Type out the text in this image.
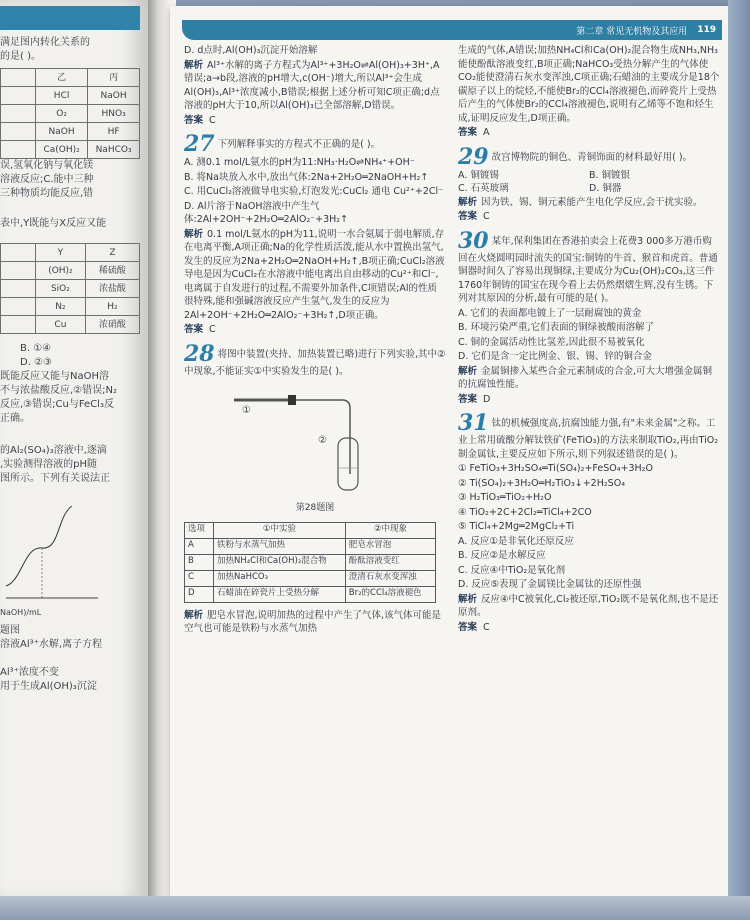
满足图内转化关系的
的是( )。
	乙	丙
	HCl	NaOH
	O₂	HNO₃
	NaOH	HF
	Ca(OH)₂	NaHCO₃
误,氢氧化钠与氧化镁
溶液反应;C.能中三种
三种物质均能反应,错
表中,Y既能与X反应又能
	Y	Z
	(OH)₂	稀硫酸
	SiO₂	浓盐酸
	N₂	H₂
	Cu	浓硝酸
B. ①④
D. ②③
既能反应又能与NaOH溶
不与浓盐酸反应,②错误;N₂
反应,③错误;Cu与FeCl₃反
正确。
的Al₂(SO₄)₃溶液中,逐滴
,实验测得溶液的pH随
图所示。下列有关说法正
NaOH)/mL
题图
溶液Al³⁺水解,离子方程
Al³⁺浓度不变
用于生成Al(OH)₃沉淀
第二章 常见无机物及其应用 119

D. d点时,Al(OH)₃沉淀开始溶解

解析 Al³⁺水解的离子方程式为Al³⁺+3H₂O⇌Al(OH)₃+3H⁺,A错误;a→b段,溶液的pH增大,c(OH⁻)增大,所以Al³⁺会生成Al(OH)₃,Al³⁺浓度减小,B错误;根据上述分析可知C项正确;d点溶液的pH大于10,所以Al(OH)₃已全部溶解,D错误。

答案 C

27 下列解释事实的方程式不正确的是( )。

A. 测0.1 mol/L氨水的pH为11:NH₃·H₂O⇌NH₄⁺+OH⁻

B. 将Na块放入水中,放出气体:2Na+2H₂O═2NaOH+H₂↑

C. 用CuCl₂溶液做导电实验,灯泡发光:CuCl₂ 通电 Cu²⁺+2Cl⁻

D. Al片溶于NaOH溶液中产生气体:2Al+2OH⁻+2H₂O═2AlO₂⁻+3H₂↑

解析 0.1 mol/L氨水的pH为11,说明一水合氨属于弱电解质,存在电离平衡,A项正确;Na的化学性质活泼,能从水中置换出氢气,发生的反应为2Na+2H₂O═2NaOH+H₂↑,B项正确;CuCl₂溶液导电是因为CuCl₂在水溶液中能电离出自由移动的Cu²⁺和Cl⁻,电离属于自发进行的过程,不需要外加条件,C项错误;Al的性质很特殊,能和强碱溶液反应产生氢气,发生的反应为2Al+2OH⁻+2H₂O═2AlO₂⁻+3H₂↑,D项正确。

答案 C

28 将图中装置(夹持、加热装置已略)进行下列实验,其中②中现象,不能证实①中实验发生的是( )。

①
②
第28题图
选项	①中实验	②中现象
A	铁粉与水蒸气加热	肥皂水冒泡
B	加热NH₄Cl和Ca(OH)₂混合物	酚酞溶液变红
C	加热NaHCO₃	澄清石灰水变浑浊
D	石蜡油在碎瓷片上受热分解	Br₂的CCl₄溶液褪色

解析 肥皂水冒泡,说明加热的过程中产生了气体,该气体可能是空气也可能是铁粉与水蒸气加热

生成的气体,A错误;加热NH₄Cl和Ca(OH)₂混合物生成NH₃,NH₃能使酚酞溶液变红,B项正确;NaHCO₃受热分解产生的气体使CO₂能使澄清石灰水变浑浊,C项正确;石蜡油的主要成分是18个碳原子以上的烷烃,不能使Br₂的CCl₄溶液褪色,而碎瓷片上受热后产生的气体使Br₂的CCl₄溶液褪色,说明有乙烯等不饱和烃生成,证明反应发生,D项正确。

答案 A

29 故宫博物院的铜色、青铜饰面的材料最好用( )。

A. 铜镀锡	B. 铜镀银
C. 石英玻璃	D. 铜器

解析 因为铁、锡、铜元素能产生电化学反应,会干扰实验。

答案 C

30 某年,保利集团在香港拍卖会上花费3 000多万港币购回在火烧圆明园时流失的国宝:铜铸的牛首、猴首和虎首。普通铜器时间久了容易出现铜绿,主要成分为Cu₂(OH)₂CO₃,这三件1760年铜铸的国宝在现今看上去仍然熠熠生辉,没有生锈。下列对其原因的分析,最有可能的是( )。

A. 它们的表面都电镀上了一层耐腐蚀的黄金

B. 环境污染严重,它们表面的铜绿被酸雨溶解了

C. 铜的金属活动性比氢差,因此很不易被氧化

D. 它们是含一定比例金、银、锡、锌的铜合金

解析 金属铜掺入某些合金元素制成的合金,可大大增强金属铜的抗腐蚀性能。

答案 D

31 钛的机械强度高,抗腐蚀能力强,有"未来金属"之称。工业上常用硫酸分解钛铁矿(FeTiO₃)的方法来制取TiO₂,再由TiO₂制金属钛,主要反应如下所示,则下列叙述错误的是( )。

① FeTiO₃+3H₂SO₄═Ti(SO₄)₂+FeSO₄+3H₂O

② Ti(SO₄)₂+3H₂O═H₂TiO₃↓+2H₂SO₄

③ H₂TiO₃═TiO₂+H₂O

④ TiO₂+2C+2Cl₂═TiCl₄+2CO

⑤ TiCl₄+2Mg═2MgCl₂+Ti

A. 反应①是非氧化还原反应

B. 反应②是水解反应

C. 反应④中TiO₂是氧化剂

D. 反应⑤表现了金属镁比金属钛的还原性强

解析 反应④中C被氧化,Cl₂被还原,TiO₂既不是氧化剂,也不是还原剂。

答案 C
